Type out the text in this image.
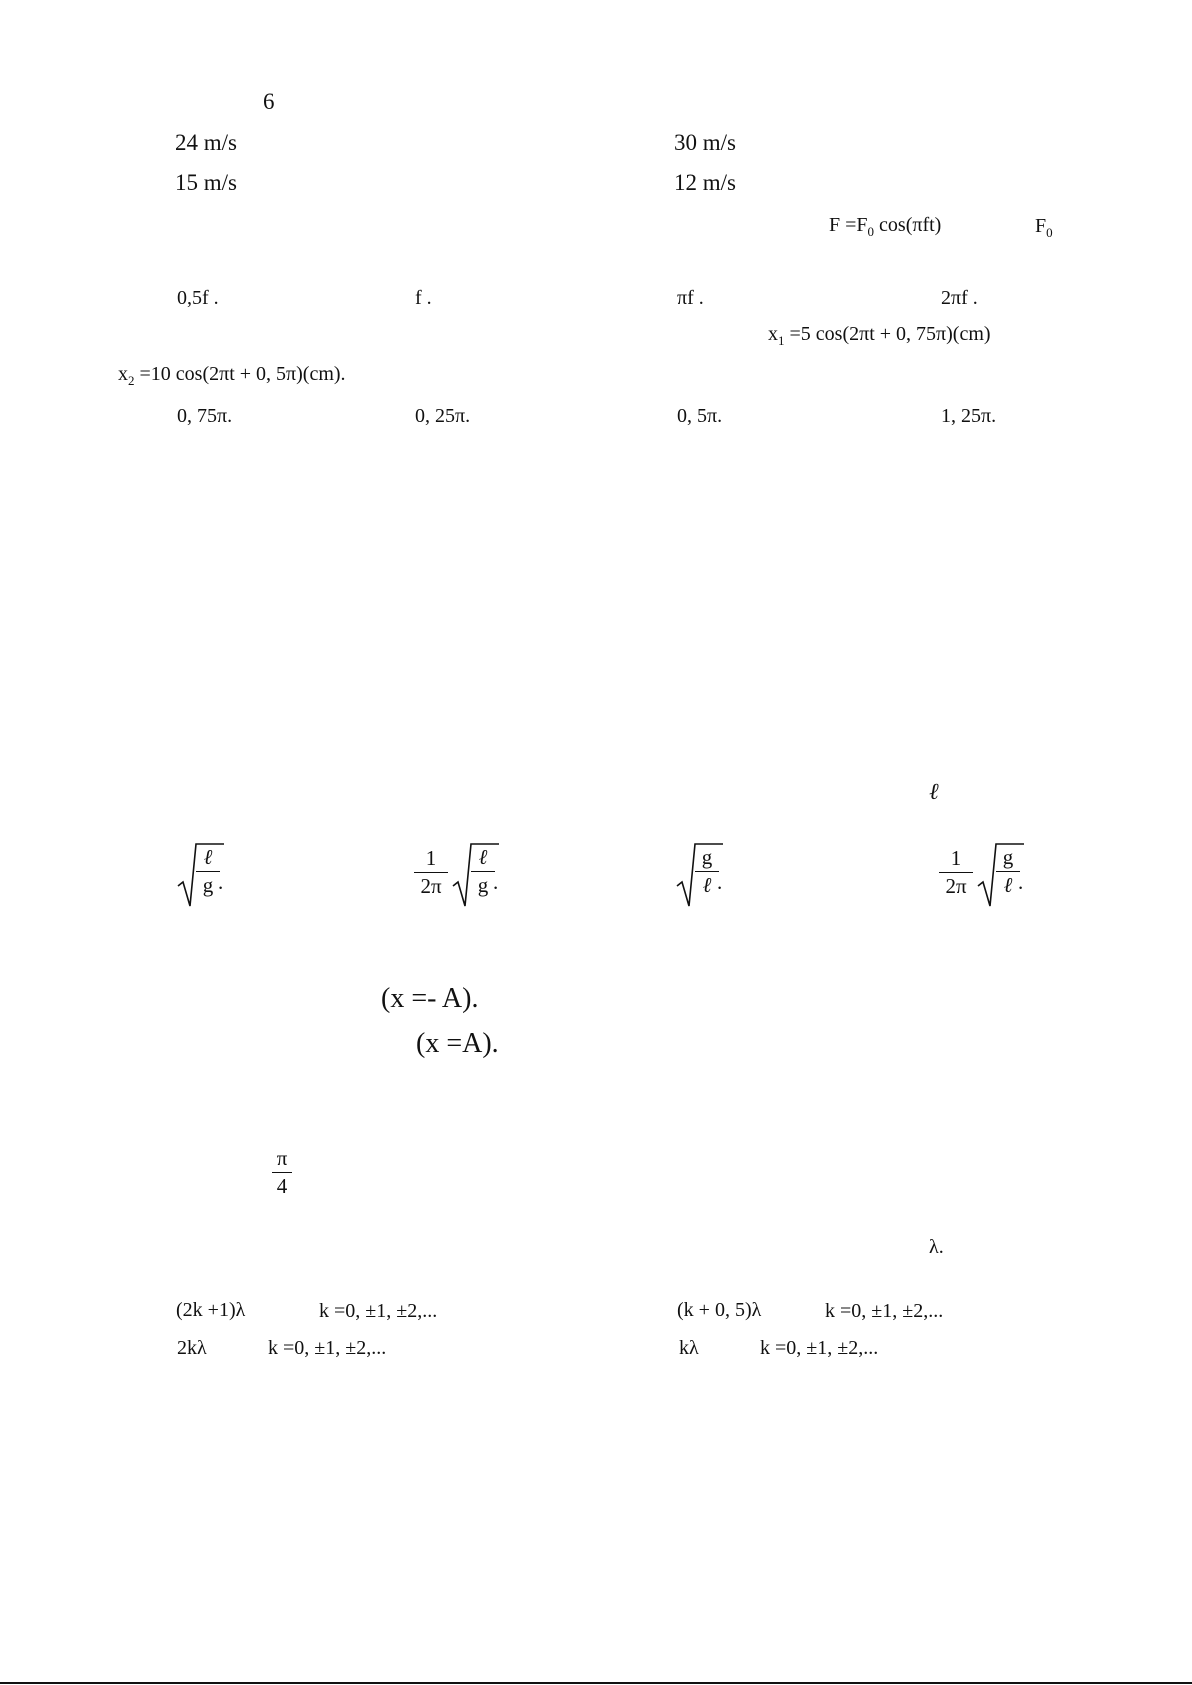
6
24 m/s	30 m/s
15 m/s	12 m/s
$F =F_0$ cos(πft)	$F_0$
0,5f .	f .	πf .	2πf .
$x_1 =5$ cos(2πt + 0, 75π)(cm)
$x_2 =10$ cos(2πt + 0, 5π)(cm).
0, 75π.	0, 25π.	0, 5π.	1, 25π.
ℓ
ℓ
g .
1
2π
ℓ
g .
g
ℓ .
1
2π
g
ℓ .
(x =- A).
(x =A).
π
4
λ.
(2k +1)λ	k =0, ±1, ±2,...	(k + 0, 5)λ	k =0, ±1, ±2,...
2kλ	k =0, ±1, ±2,...	kλ	k =0, ±1, ±2,...
